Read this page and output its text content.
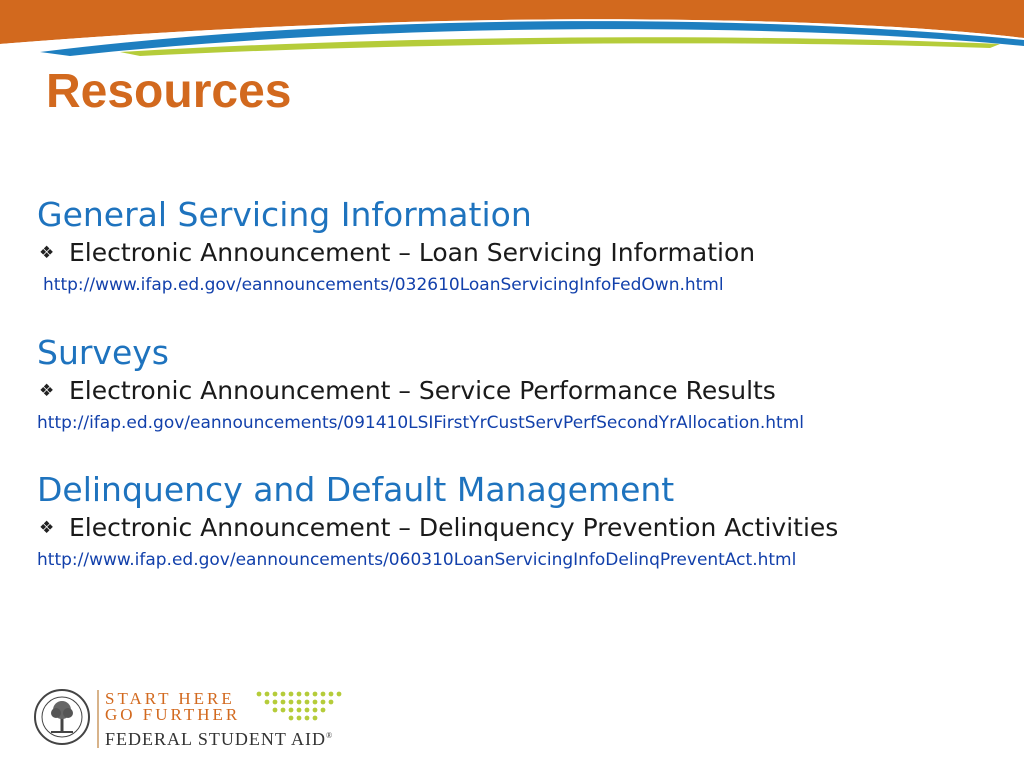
Resources
General Servicing Information
❖ Electronic Announcement – Loan Servicing Information
http://www.ifap.ed.gov/eannouncements/032610LoanServicingInfoFedOwn.html
Surveys
❖ Electronic Announcement – Service Performance Results
http://ifap.ed.gov/eannouncements/091410LSIFirstYrCustServPerfSecondYrAllocation.html
Delinquency and Default Management
❖ Electronic Announcement – Delinquency Prevention Activities
http://www.ifap.ed.gov/eannouncements/060310LoanServicingInfoDelinqPreventAct.html
START HERE
GO FURTHER
FEDERAL STUDENT AID®
